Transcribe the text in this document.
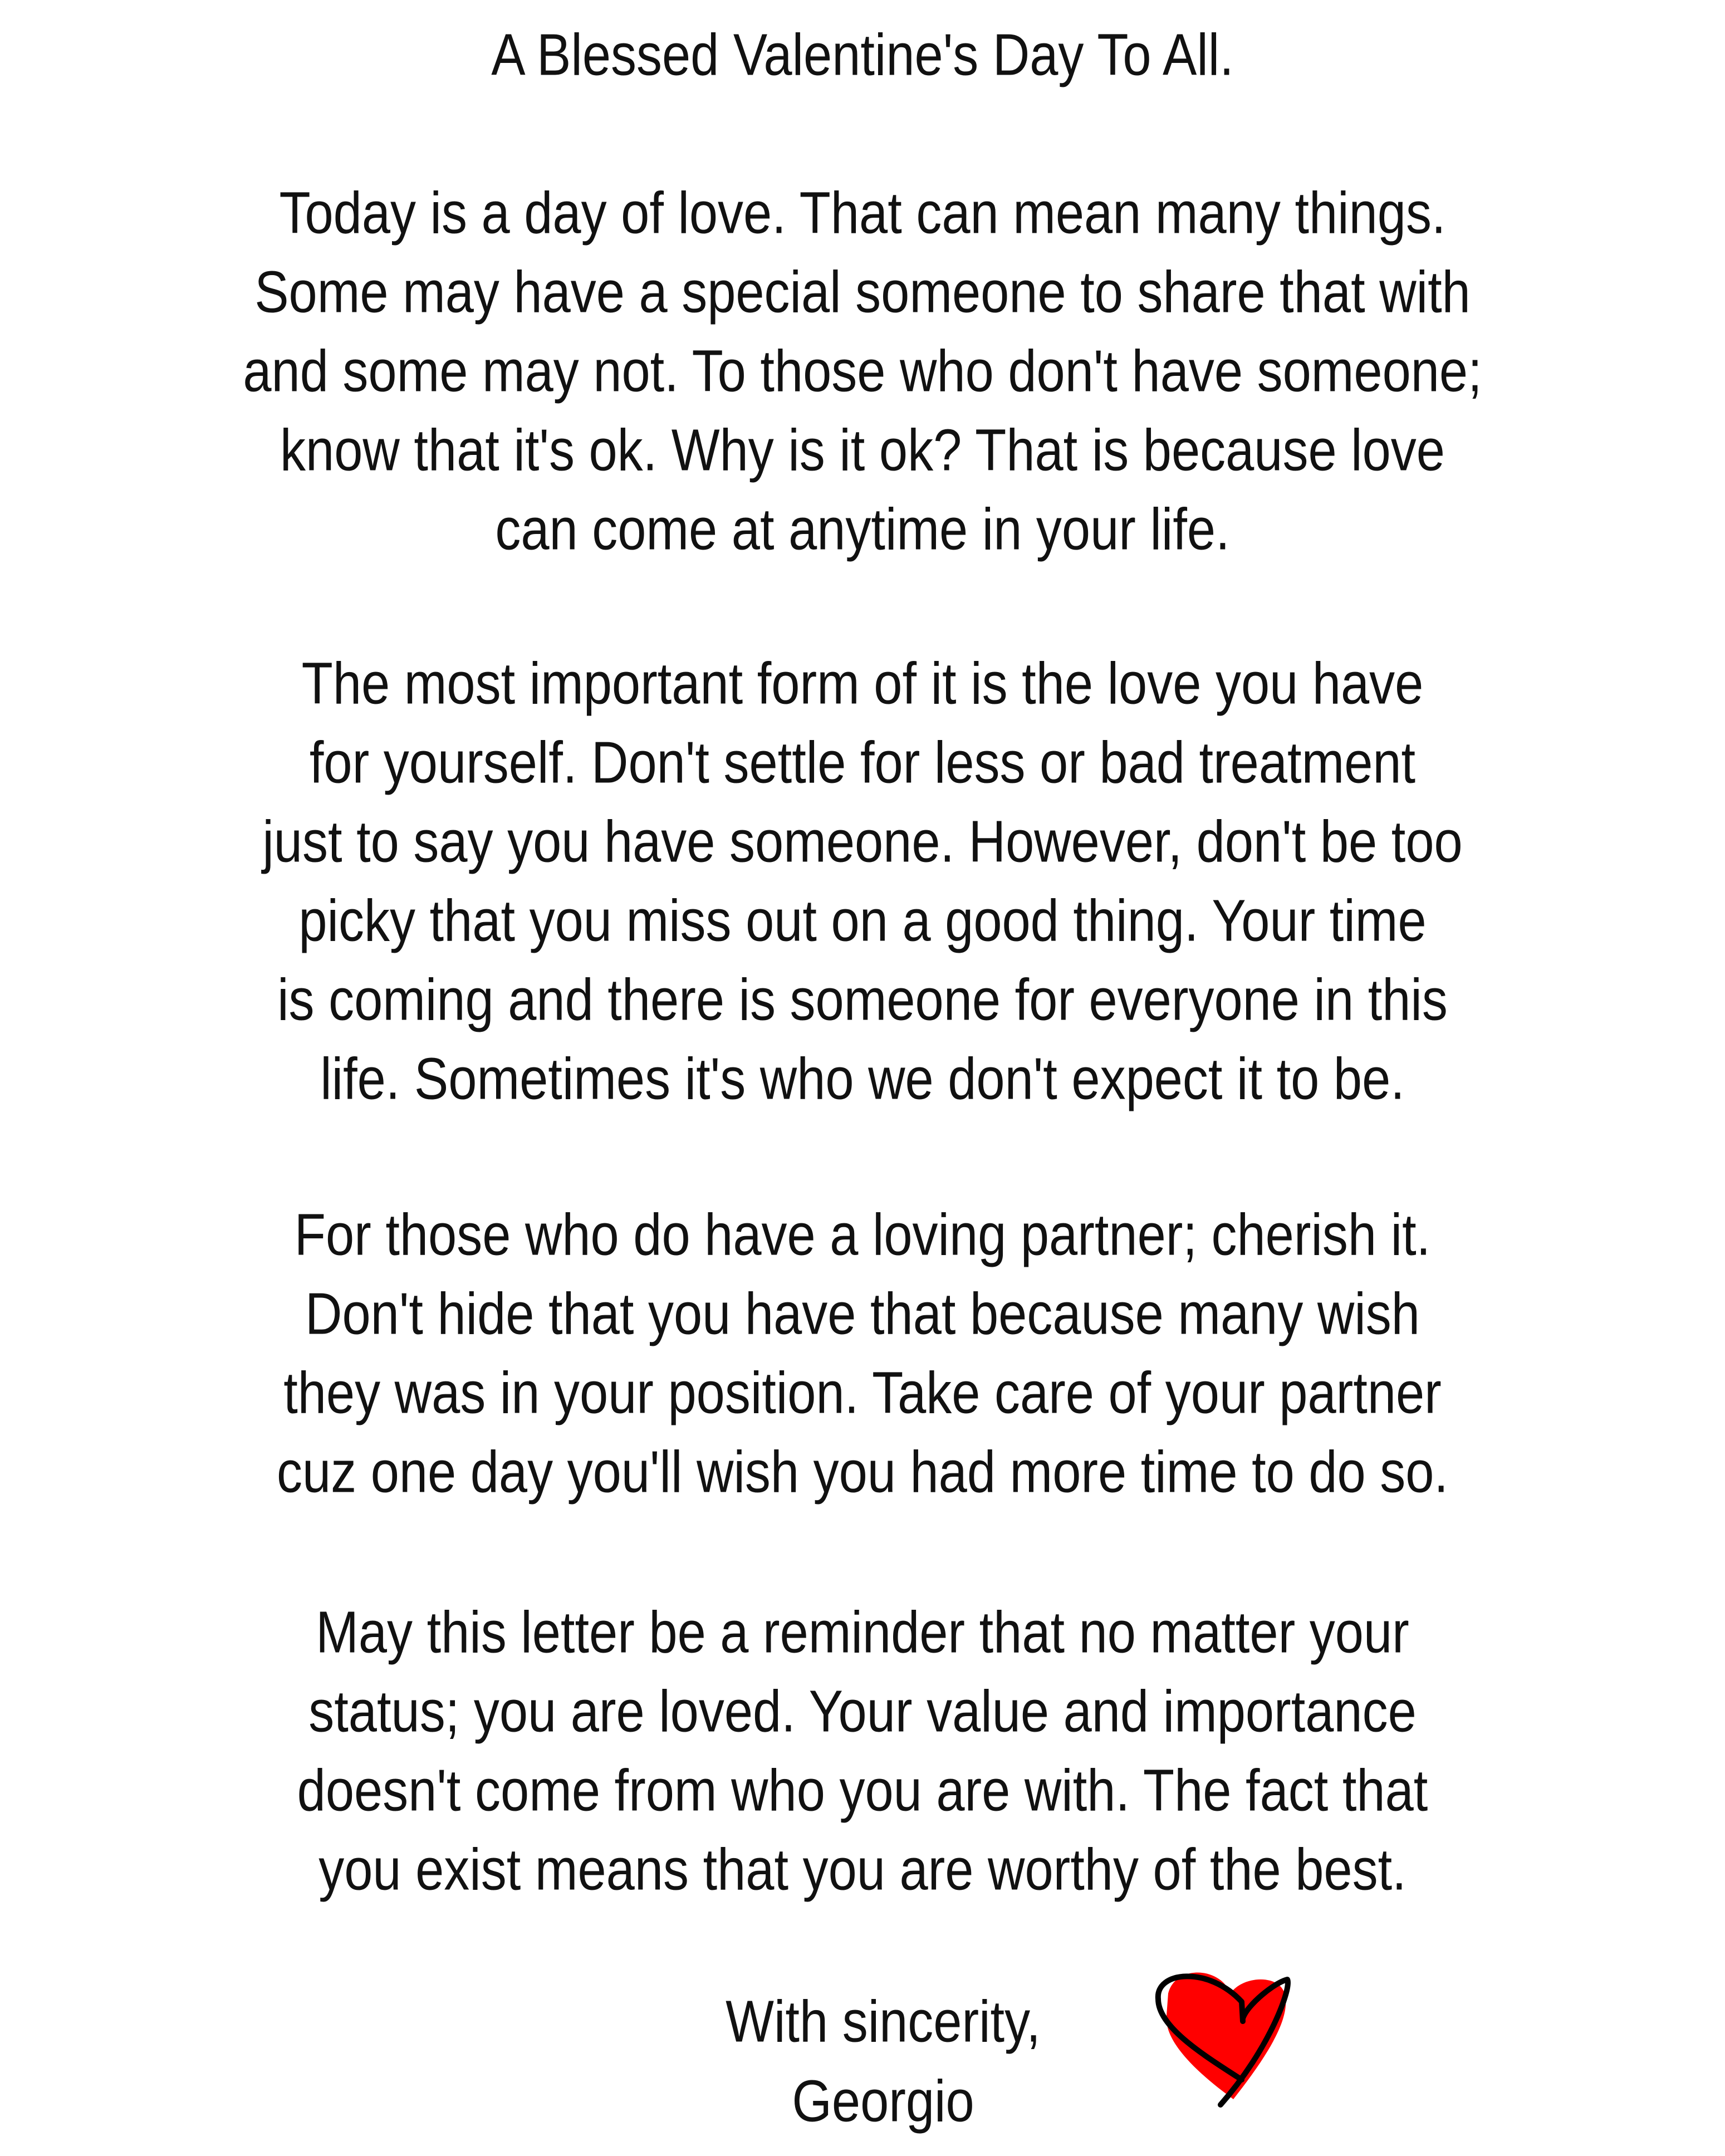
A Blessed Valentine's Day To All.
Today is a day of love. That can mean many things.
Some may have a special someone to share that with
and some may not. To those who don't have someone;
know that it's ok. Why is it ok? That is because love
can come at anytime in your life.
The most important form of it is the love you have
for yourself. Don't settle for less or bad treatment
just to say you have someone. However, don't be too
picky that you miss out on a good thing. Your time
is coming and there is someone for everyone in this
life. Sometimes it's who we don't expect it to be.
For those who do have a loving partner; cherish it.
Don't hide that you have that because many wish
they was in your position. Take care of your partner
cuz one day you'll wish you had more time to do so.
May this letter be a reminder that no matter your
status; you are loved. Your value and importance
doesn't come from who you are with. The fact that
you exist means that you are worthy of the best.
With sincerity,
Georgio
